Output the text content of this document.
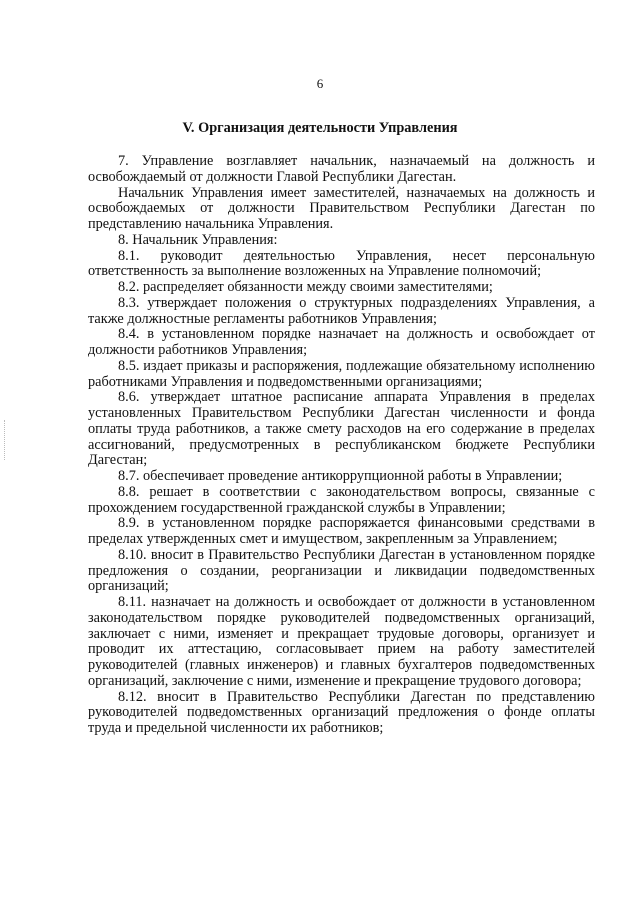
6
V. Организация деятельности Управления

7. Управление возглавляет начальник, назначаемый на должность и освобождаемый от должности Главой Республики Дагестан.

Начальник Управления имеет заместителей, назначаемых на должность и освобождаемых от должности Правительством Республики Дагестан по представлению начальника Управления.

8. Начальник Управления:

8.1. руководит деятельностью Управления, несет персональную ответственность за выполнение возложенных на Управление полномочий;

8.2. распределяет обязанности между своими заместителями;

8.3. утверждает положения о структурных подразделениях Управления, а также должностные регламенты работников Управления;

8.4. в установленном порядке назначает на должность и освобождает от должности работников Управления;

8.5. издает приказы и распоряжения, подлежащие обязательному исполнению работниками Управления и подведомственными организациями;

8.6. утверждает штатное расписание аппарата Управления в пределах установленных Правительством Республики Дагестан численности и фонда оплаты труда работников, а также смету расходов на его содержание в пределах ассигнований, предусмотренных в республиканском бюджете Республики Дагестан;

8.7. обеспечивает проведение антикоррупционной работы в Управлении;

8.8. решает в соответствии с законодательством вопросы, связанные с прохождением государственной гражданской службы в Управлении;

8.9. в установленном порядке распоряжается финансовыми средствами в пределах утвержденных смет и имуществом, закрепленным за Управлением;

8.10. вносит в Правительство Республики Дагестан в установленном порядке предложения о создании, реорганизации и ликвидации подведомственных организаций;

8.11. назначает на должность и освобождает от должности в установленном законодательством порядке руководителей подведомственных организаций, заключает с ними, изменяет и прекращает трудовые договоры, организует и проводит их аттестацию, согласовывает прием на работу заместителей руководителей (главных инженеров) и главных бухгалтеров подведомственных организаций, заключение с ними, изменение и прекращение трудового договора;

8.12. вносит в Правительство Республики Дагестан по представлению руководителей подведомственных организаций предложения о фонде оплаты труда и предельной численности их работников;
